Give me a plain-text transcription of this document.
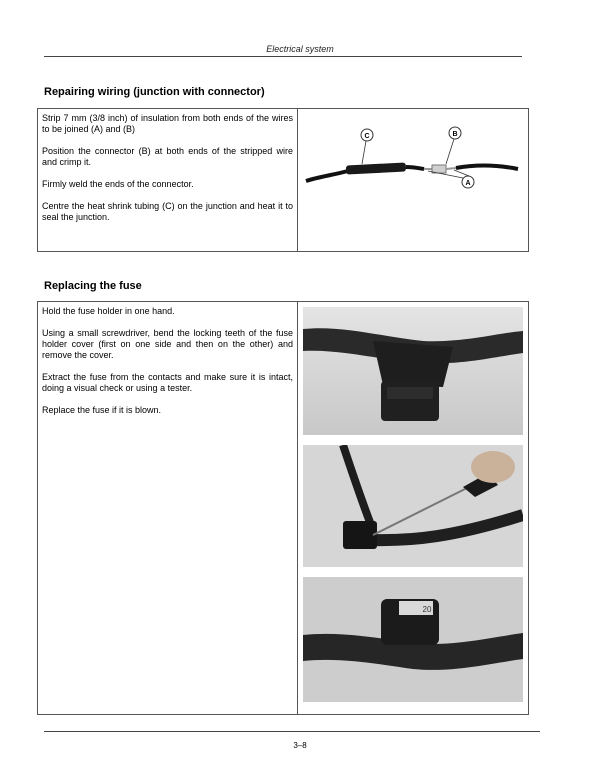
Electrical system
Repairing wiring (junction with connector)

Strip 7 mm (3/8 inch) of insulation from both ends of the wires to be joined (A) and (B)

Position the connector (B) at both ends of the stripped wire and crimp it.

Firmly weld the ends of the connector.

Centre the heat shrink tubing (C) on the junction and heat it to seal the junction.

C	B
A
Replacing the fuse

Hold the fuse holder in one hand.

Using a small screwdriver, bend the locking teeth of the fuse holder cover (first on one side and then on the other) and remove the cover.

Extract the fuse from the contacts and make sure it is intact, doing a visual check or using a tester.

Replace the fuse if it is blown.

20
3–8
